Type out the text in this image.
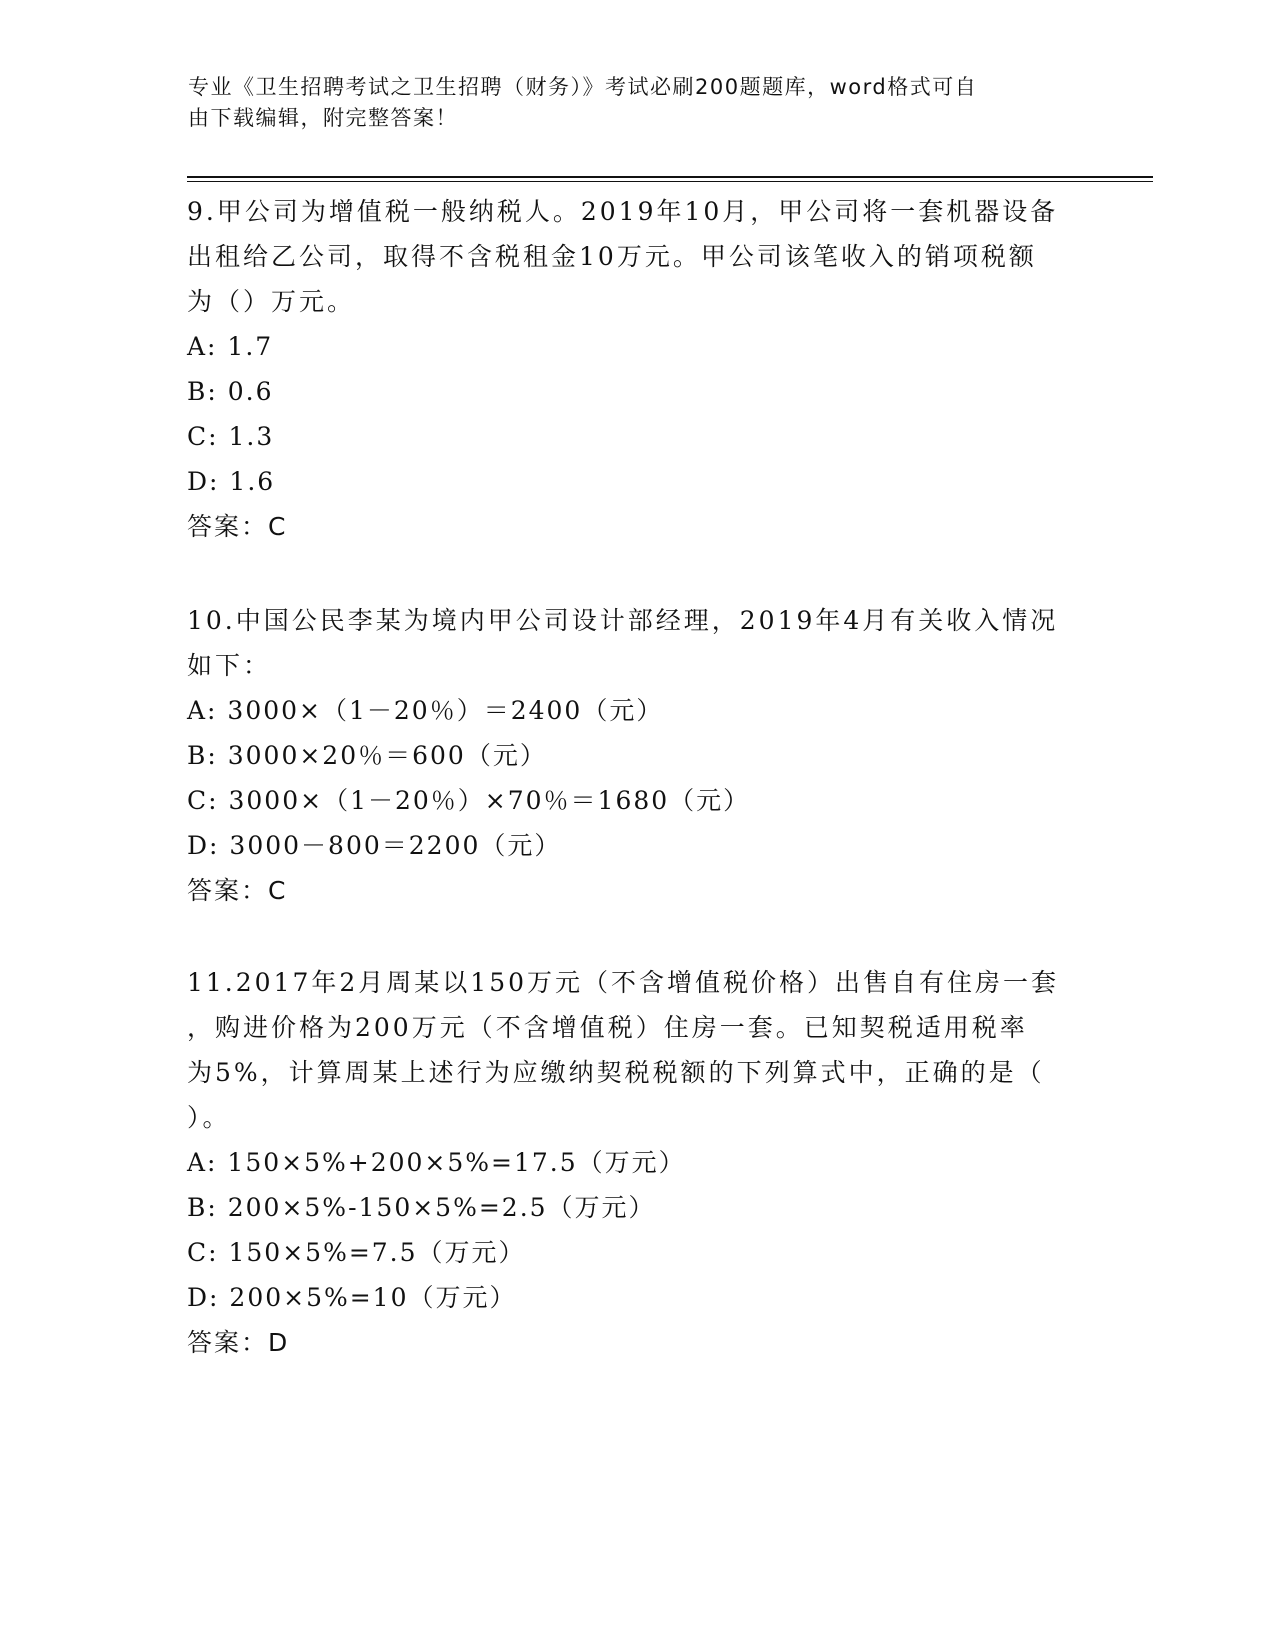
专业《卫生招聘考试之卫生招聘（财务）》考试必刷200题题库，word格式可自
由下载编辑，附完整答案！

9.甲公司为增值税一般纳税人。2019年10月，甲公司将一套机器设备

出租给乙公司，取得不含税租金10万元。甲公司该笔收入的销项税额

为（）万元。

A: 1.7

B: 0.6

C: 1.3

D: 1.6

答案：C

10.中国公民李某为境内甲公司设计部经理，2019年4月有关收入情况

如下：

A: 3000×（1－20％）＝2400（元）

B: 3000×20％＝600（元）

C: 3000×（1－20％）×70％＝1680（元）

D: 3000－800＝2200（元）

答案：C

11.2017年2月周某以150万元（不含增值税价格）出售自有住房一套

，购进价格为200万元（不含增值税）住房一套。已知契税适用税率

为5%，计算周某上述行为应缴纳契税税额的下列算式中，正确的是（

）。

A: 150×5%+200×5%=17.5（万元）

B: 200×5%-150×5%=2.5（万元）

C: 150×5%=7.5（万元）

D: 200×5%=10（万元）

答案：D
